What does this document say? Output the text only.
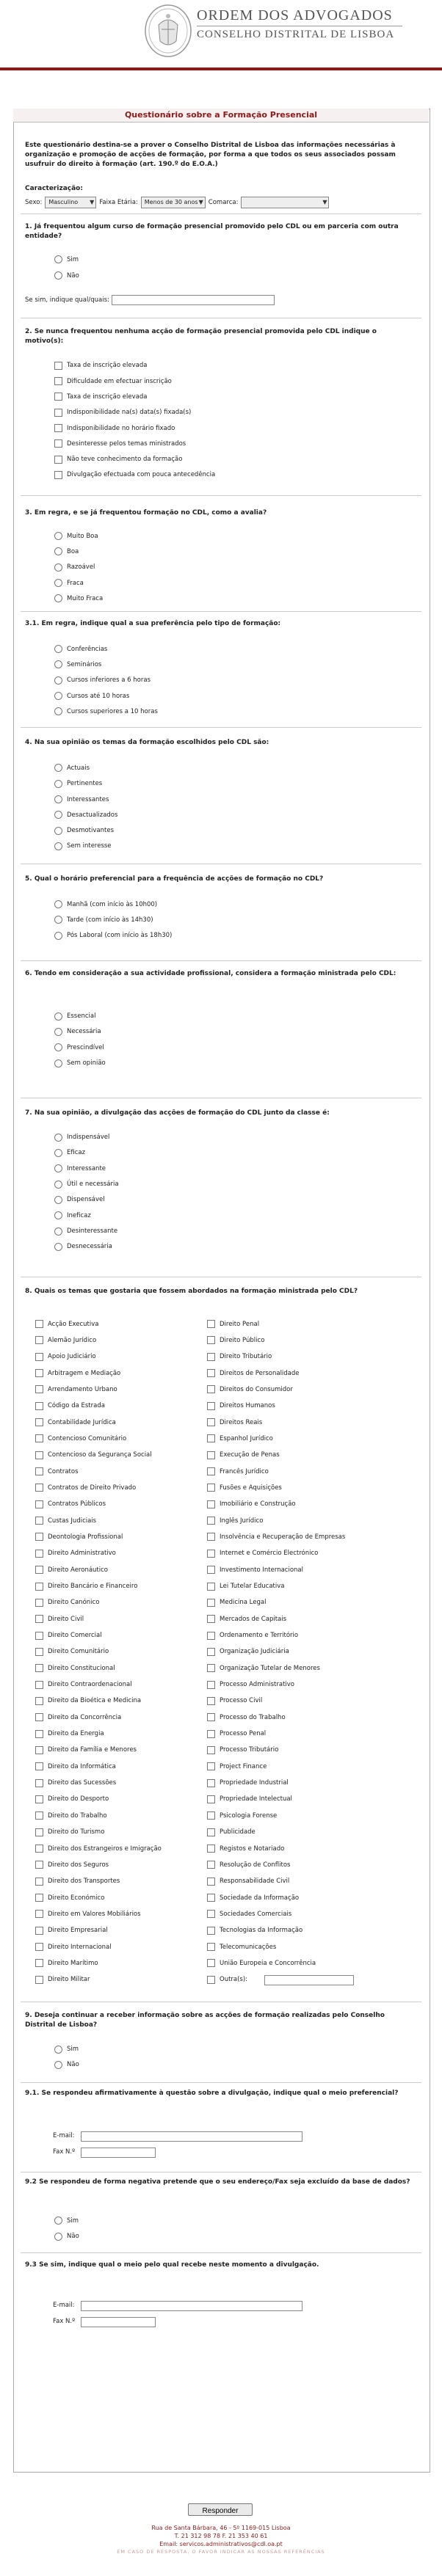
ORDEM DOS ADVOGADOS
CONSELHO DISTRITAL DE LISBOA
Questionário sobre a Formação Presencial
Este questionário destina-se a prover o Conselho Distrital de Lisboa das informações necessárias à organização e promoção de acções de formação, por forma a que todos os seus associados possam usufruir do direito à formação (art. 190.º do E.O.A.)
Caracterização:
Sexo:	Masculino ▼ Faixa Etária:	Menos de 30 anos ▼ Comarca:	▼
1. Já frequentou algum curso de formação presencial promovido pelo CDL ou em parceria com outra entidade?
Sim
Não
Se sim, indique qual/quais:
2. Se nunca frequentou nenhuma acção de formação presencial promovida pelo CDL indique o motivo(s):
Taxa de inscrição elevada
Dificuldade em efectuar inscrição
Taxa de inscrição elevada
Indisponibilidade na(s) data(s) fixada(s)
Indisponibilidade no horário fixado
Desinteresse pelos temas ministrados
Não teve conhecimento da formação
Divulgação efectuada com pouca antecedência
3. Em regra, e se já frequentou formação no CDL, como a avalia?
Muito Boa
Boa
Razoável
Fraca
Muito Fraca
3.1. Em regra, indique qual a sua preferência pelo tipo de formação:
Conferências
Seminários
Cursos inferiores a 6 horas
Cursos até 10 horas
Cursos superiores a 10 horas
4. Na sua opinião os temas da formação escolhidos pelo CDL são:
Actuais
Pertinentes
Interessantes
Desactualizados
Desmotivantes
Sem interesse
5. Qual o horário preferencial para a frequência de acções de formação no CDL?
Manhã (com início às 10h00)
Tarde (com início às 14h30)
Pós Laboral (com início às 18h30)
6. Tendo em consideração a sua actividade profissional, considera a formação ministrada pelo CDL:
Essencial
Necessária
Prescindível
Sem opinião
7. Na sua opinião, a divulgação das acções de formação do CDL junto da classe é:
Indispensável
Eficaz
Interessante
Útil e necessária
Dispensável
Ineficaz
Desinteressante
Desnecessária
8. Quais os temas que gostaria que fossem abordados na formação ministrada pelo CDL?
Acção Executiva
Alemão Jurídico
Apoio Judiciário
Arbitragem e Mediação
Arrendamento Urbano
Código da Estrada
Contabilidade Jurídica
Contencioso Comunitário
Contencioso da Segurança Social
Contratos
Contratos de Direito Privado
Contratos Públicos
Custas Judiciais
Deontologia Profissional
Direito Administrativo
Direito Aeronáutico
Direito Bancário e Financeiro
Direito Canónico
Direito Civil
Direito Comercial
Direito Comunitário
Direito Constitucional
Direito Contraordenacional
Direito da Bioética e Medicina
Direito da Concorrência
Direito da Energia
Direito da Família e Menores
Direito da Informática
Direito das Sucessões
Direito do Desporto
Direito do Trabalho
Direito do Turismo
Direito dos Estrangeiros e Imigração
Direito dos Seguros
Direito dos Transportes
Direito Económico
Direito em Valores Mobiliários
Direito Empresarial
Direito Internacional
Direito Marítimo
Direito Militar
Direito Penal
Direito Público
Direito Tributário
Direitos de Personalidade
Direitos do Consumidor
Direitos Humanos
Direitos Reais
Espanhol Jurídico
Execução de Penas
Francês Jurídico
Fusões e Aquisições
Imobiliário e Construção
Inglês Jurídico
Insolvência e Recuperação de Empresas
Internet e Comércio Electrónico
Investimento Internacional
Lei Tutelar Educativa
Medicina Legal
Mercados de Capitais
Ordenamento e Território
Organização Judiciária
Organização Tutelar de Menores
Processo Administrativo
Processo Civil
Processo do Trabalho
Processo Penal
Processo Tributário
Project Finance
Propriedade Industrial
Propriedade Intelectual
Psicologia Forense
Publicidade
Registos e Notariado
Resolução de Conflitos
Responsabilidade Civil
Sociedade da Informação
Sociedades Comerciais
Tecnologias da Informação
Telecomunicações
União Europeia e Concorrência
Outra(s):
9. Deseja continuar a receber informação sobre as acções de formação realizadas pelo Conselho Distrital de Lisboa?
Sim
Não
9.1. Se respondeu afirmativamente à questão sobre a divulgação, indique qual o meio preferencial?
E-mail:
Fax N.º
9.2 Se respondeu de forma negativa pretende que o seu endereço/Fax seja excluído da base de dados?
Sim
Não
9.3 Se sim, indique qual o meio pelo qual recebe neste momento a divulgação.
E-mail:
Fax N.º
Responder
Rua de Santa Bárbara, 46 - 5º 1169-015 Lisboa
T. 21 312 98 78 F. 21 353 40 61
Email: servicos.administrativos@cdl.oa.pt
EM CASO DE RESPOSTA, O FAVOR INDICAR AS NOSSAS REFERÊNCIAS
